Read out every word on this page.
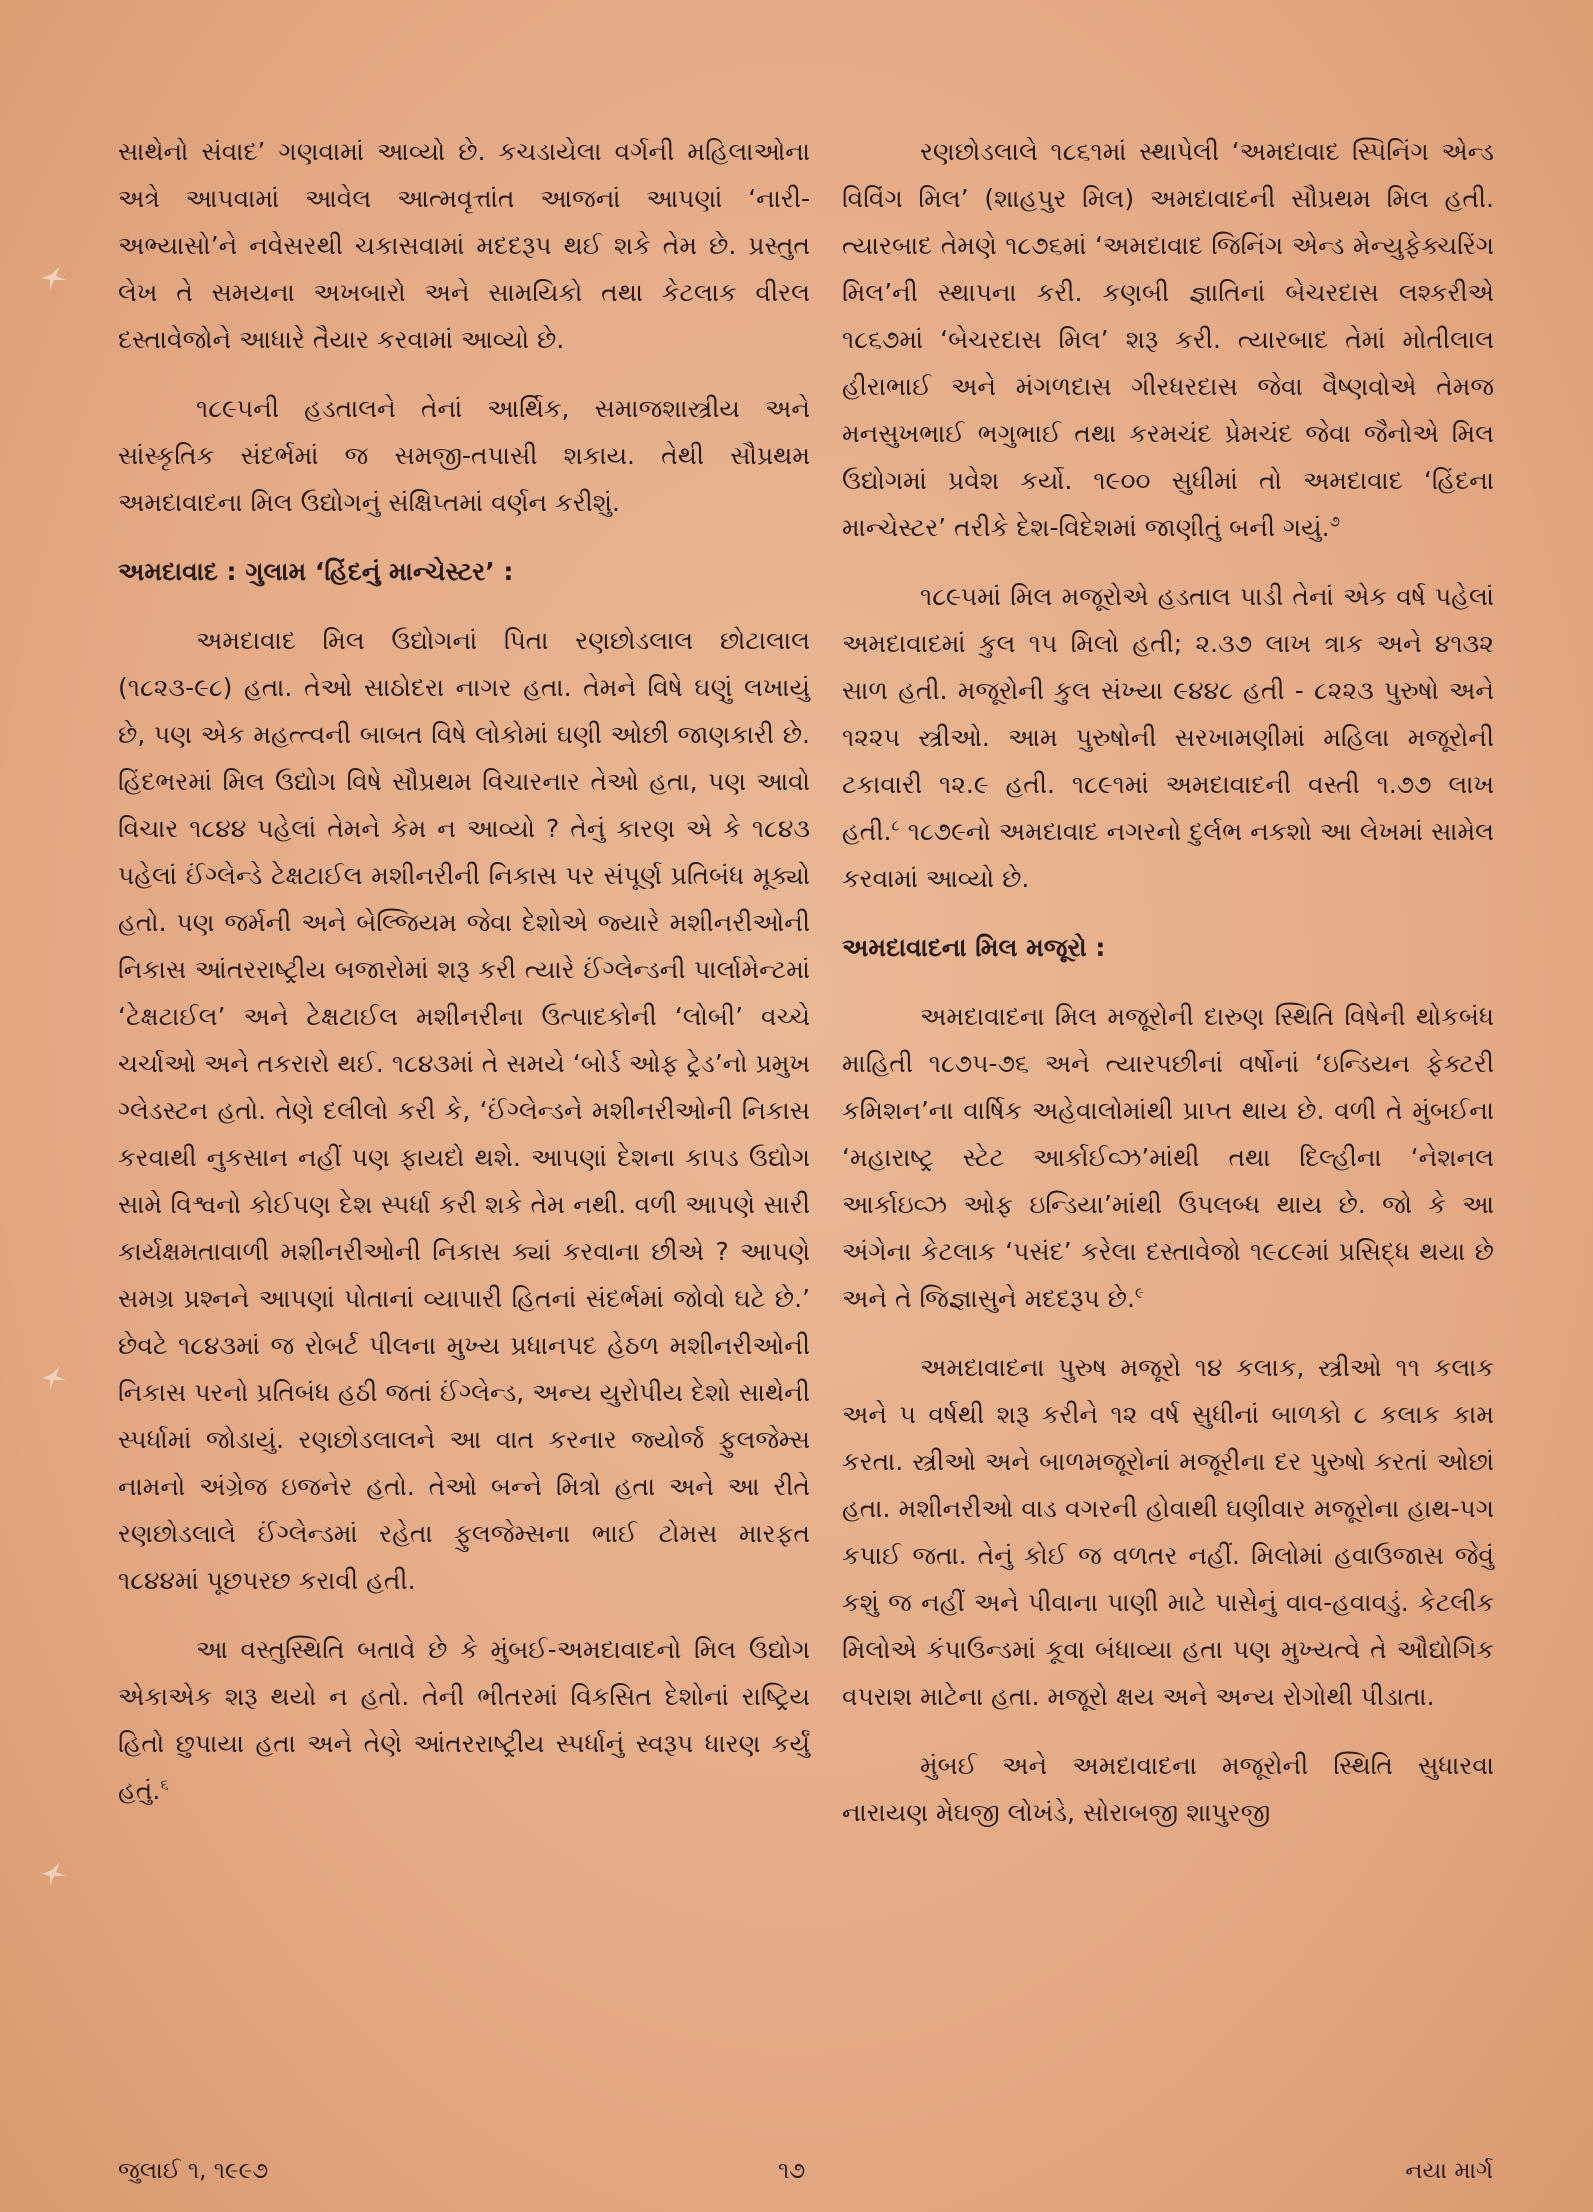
સાથેનો સંવાદ’ ગણવામાં આવ્યો છે. કચડાયેલા વર્ગની મહિલાઓના અત્રે આપવામાં આવેલ આત્મવૃત્તાંત આજનાં આપણાં ‘નારી-અભ્યાસો’ને નવેસરથી ચકાસવામાં મદદરૂપ થઈ શકે તેમ છે. પ્રસ્તુત લેખ તે સમયના અખબારો અને સામયિકો તથા કેટલાક વીરલ દસ્તાવેજોને આધારે તૈયાર કરવામાં આવ્યો છે.

૧૮૯૫ની હડતાલને તેનાં આર્થિક, સમાજશાસ્ત્રીય અને સાંસ્કૃતિક સંદર્ભમાં જ સમજી-તપાસી શકાય. તેથી સૌપ્રથમ અમદાવાદના મિલ ઉદ્યોગનું સંક્ષિપ્તમાં વર્ણન કરીશું.

અમદાવાદ : ગુલામ ‘હિંદનું માન્ચેસ્ટર’ :

અમદાવાદ મિલ ઉદ્યોગનાં પિતા રણછોડલાલ છોટાલાલ (૧૮૨૩-૯૮) હતા. તેઓ સાઠોદરા નાગર હતા. તેમને વિષે ઘણું લખાયું છે, પણ એક મહત્ત્વની બાબત વિષે લોકોમાં ઘણી ઓછી જાણકારી છે. હિંદભરમાં મિલ ઉદ્યોગ વિષે સૌપ્રથમ વિચારનાર તેઓ હતા, પણ આવો વિચાર ૧૮૪૪ પહેલાં તેમને કેમ ન આવ્યો ? તેનું કારણ એ કે ૧૮૪૩ પહેલાં ઈંગ્લેન્ડે ટેક્ષટાઈલ મશીનરીની નિકાસ પર સંપૂર્ણ પ્રતિબંધ મૂક્યો હતો. પણ જર્મની અને બેલ્જિયમ જેવા દેશોએ જ્યારે મશીનરીઓની નિકાસ આંતરરાષ્ટ્રીય બજારોમાં શરૂ કરી ત્યારે ઈંગ્લેન્ડની પાર્લામેન્ટમાં ‘ટેક્ષટાઈલ’ અને ટેક્ષટાઈલ મશીનરીના ઉત્પાદકોની ‘લોબી’ વચ્ચે ચર્ચાઓ અને તકરારો થઈ. ૧૮૪૩માં તે સમયે ‘બોર્ડ ઓફ ટ્રેડ’નો પ્રમુખ ગ્લેડસ્ટન હતો. તેણે દલીલો કરી કે, ‘ઈંગ્લેન્ડને મશીનરીઓની નિકાસ કરવાથી નુકસાન નહીં પણ ફાયદો થશે. આપણાં દેશના કાપડ ઉદ્યોગ સામે વિશ્વનો કોઈપણ દેશ સ્પર્ધા કરી શકે તેમ નથી. વળી આપણે સારી કાર્યક્ષમતાવાળી મશીનરીઓની નિકાસ ક્યાં કરવાના છીએ ? આપણે સમગ્ર પ્રશ્નને આપણાં પોતાનાં વ્યાપારી હિતનાં સંદર્ભમાં જોવો ઘટે છે.’ છેવટે ૧૮૪૩માં જ રોબર્ટ પીલના મુખ્ય પ્રધાનપદ હેઠળ મશીનરીઓની નિકાસ પરનો પ્રતિબંધ હઠી જતાં ઈંગ્લેન્ડ, અન્ય યુરોપીય દેશો સાથેની સ્પર્ધામાં જોડાયું. રણછોડલાલને આ વાત કરનાર જ્યોર્જ ફુલજેમ્સ નામનો અંગ્રેજ ઇજનેર હતો. તેઓ બન્ને મિત્રો હતા અને આ રીતે રણછોડલાલે ઈંગ્લેન્ડમાં રહેતા ફુલજેમ્સના ભાઈ ટોમસ મારફત ૧૮૪૪માં પૂછપરછ કરાવી હતી.

આ વસ્તુસ્થિતિ બતાવે છે કે મુંબઈ-અમદાવાદનો મિલ ઉદ્યોગ એકાએક શરૂ થયો ન હતો. તેની ભીતરમાં વિકસિત દેશોનાં રાષ્ટ્રિય હિતો છુપાયા હતા અને તેણે આંતરરાષ્ટ્રીય સ્પર્ધાનું સ્વરૂપ ધારણ કર્યું હતું.$^૬$

રણછોડલાલે ૧૮૬૧માં સ્થાપેલી ‘અમદાવાદ સ્પિનિંગ એન્ડ વિવિંગ મિલ’ (શાહપુર મિલ) અમદાવાદની સૌપ્રથમ મિલ હતી. ત્યારબાદ તેમણે ૧૮૭૬માં ‘અમદાવાદ જિનિંગ એન્ડ મેન્યુફેક્ચરિંગ મિલ’ની સ્થાપના કરી. કણબી જ્ઞાતિનાં બેચરદાસ લશ્કરીએ ૧૮૬૭માં ‘બેચરદાસ મિલ’ શરૂ કરી. ત્યારબાદ તેમાં મોતીલાલ હીરાભાઈ અને મંગળદાસ ગીરધરદાસ જેવા વૈષ્ણવોએ તેમજ મનસુખભાઈ ભગુભાઈ તથા કરમચંદ પ્રેમચંદ જેવા જૈનોએ મિલ ઉદ્યોગમાં પ્રવેશ કર્યો. ૧૯૦૦ સુધીમાં તો અમદાવાદ ‘હિંદના માન્ચેસ્ટર’ તરીકે દેશ-વિદેશમાં જાણીતું બની ગયું.$^૭$

૧૮૯૫માં મિલ મજૂરોએ હડતાલ પાડી તેનાં એક વર્ષ પહેલાં અમદાવાદમાં કુલ ૧૫ મિલો હતી; ૨.૩૭ લાખ ત્રાક અને ૪૧૩૨ સાળ હતી. મજૂરોની કુલ સંખ્યા ૯૪૪૮ હતી - ૮૨૨૩ પુરુષો અને ૧૨૨૫ સ્ત્રીઓ. આમ પુરુષોની સરખામણીમાં મહિલા મજૂરોની ટકાવારી ૧૨.૯ હતી. ૧૮૯૧માં અમદાવાદની વસ્તી ૧.૭૭ લાખ હતી.$^૮$ ૧૮૭૯નો અમદાવાદ નગરનો દુર્લભ નકશો આ લેખમાં સામેલ કરવામાં આવ્યો છે.

અમદાવાદના મિલ મજૂરો :

અમદાવાદના મિલ મજૂરોની દારુણ સ્થિતિ વિષેની થોકબંધ માહિતી ૧૮૭૫-૭૬ અને ત્યારપછીનાં વર્ષોનાં ‘ઇન્ડિયન ફેક્ટરી કમિશન’ના વાર્ષિક અહેવાલોમાંથી પ્રાપ્ત થાય છે. વળી તે મુંબઈના ‘મહારાષ્ટ્ર સ્ટેટ આર્કાઈવ્ઝ’માંથી તથા દિલ્હીના ‘નેશનલ આર્કાઇવ્ઝ ઓફ ઇન્ડિયા’માંથી ઉપલબ્ધ થાય છે. જો કે આ અંગેના કેટલાક ‘પસંદ’ કરેલા દસ્તાવેજો ૧૯૮૯માં પ્રસિદ્ધ થયા છે અને તે જિજ્ઞાસુને મદદરૂપ છે.$^૯$

અમદાવાદના પુરુષ મજૂરો ૧૪ કલાક, સ્ત્રીઓ ૧૧ કલાક અને ૫ વર્ષથી શરૂ કરીને ૧૨ વર્ષ સુધીનાં બાળકો ૮ કલાક કામ કરતા. સ્ત્રીઓ અને બાળમજૂરોનાં મજૂરીના દર પુરુષો કરતાં ઓછાં હતા. મશીનરીઓ વાડ વગરની હોવાથી ઘણીવાર મજૂરોના હાથ-પગ કપાઈ જતા. તેનું કોઈ જ વળતર નહીં. મિલોમાં હવાઉજાસ જેવું કશું જ નહીં અને પીવાના પાણી માટે પાસેનું વાવ-હવાવડું. કેટલીક મિલોએ કંપાઉન્ડમાં કૂવા બંધાવ્યા હતા પણ મુખ્યત્વે તે ઔદ્યોગિક વપરાશ માટેના હતા. મજૂરો ક્ષય અને અન્ય રોગોથી પીડાતા.

મુંબઈ અને અમદાવાદના મજૂરોની સ્થિતિ સુધારવા નારાયણ મેઘજી લોખંડે, સોરાબજી શાપુરજી

જુલાઈ ૧, ૧૯૯૭	૧૭	નયા માર્ગ
